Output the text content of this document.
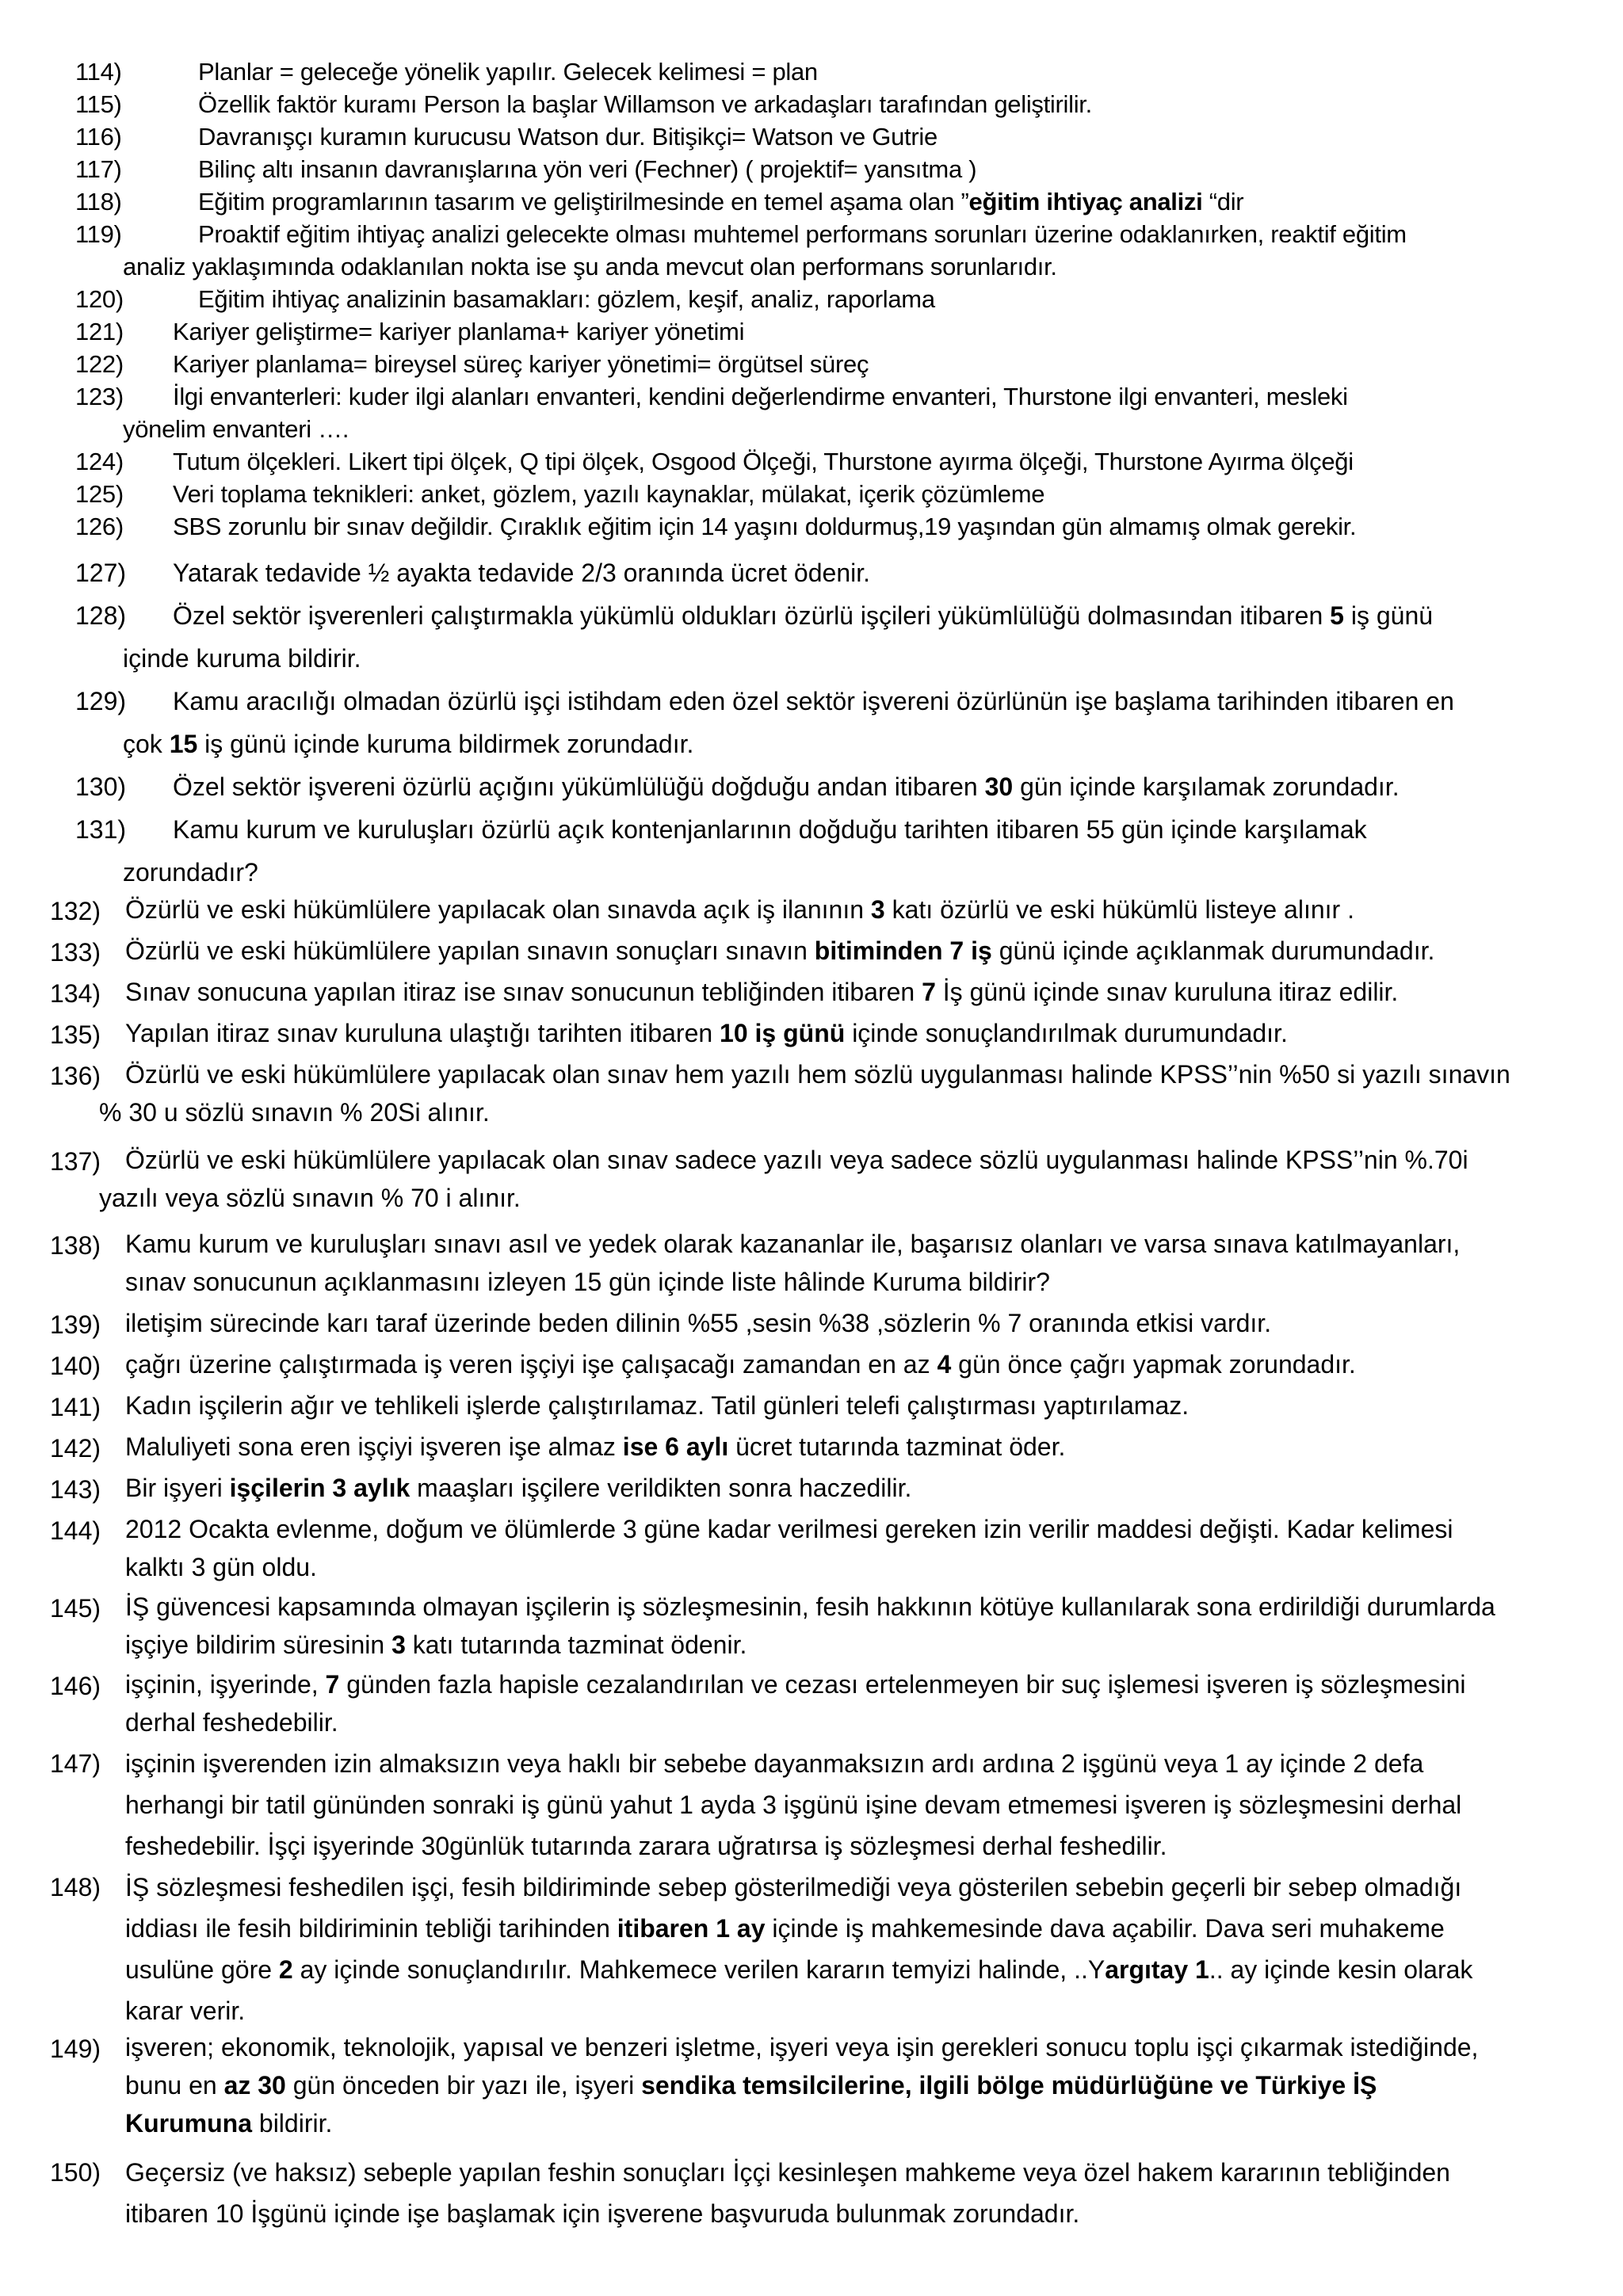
114)	Planlar = geleceğe yönelik yapılır. Gelecek kelimesi = plan
115)	Özellik faktör kuramı Person la başlar Willamson ve arkadaşları tarafından geliştirilir.
116)	Davranışçı kuramın kurucusu Watson dur. Bitişikçi= Watson ve Gutrie
117)	Bilinç altı insanın davranışlarına yön veri (Fechner) ( projektif= yansıtma )
118)	Eğitim programlarının tasarım ve geliştirilmesinde en temel aşama olan ”eğitim ihtiyaç analizi “dir
119)	Proaktif eğitim ihtiyaç analizi gelecekte olması muhtemel performans sorunları üzerine odaklanırken, reaktif eğitim
analiz yaklaşımında odaklanılan nokta ise şu anda mevcut olan performans sorunlarıdır.
120)	Eğitim ihtiyaç analizinin basamakları: gözlem, keşif, analiz, raporlama
121) Kariyer geliştirme= kariyer planlama+ kariyer yönetimi
122) Kariyer planlama= bireysel süreç kariyer yönetimi= örgütsel süreç
123) İlgi envanterleri: kuder ilgi alanları envanteri, kendini değerlendirme envanteri, Thurstone ilgi envanteri, mesleki
yönelim envanteri ….
124) Tutum ölçekleri. Likert tipi ölçek, Q tipi ölçek, Osgood Ölçeği, Thurstone ayırma ölçeği, Thurstone Ayırma ölçeği
125) Veri toplama teknikleri: anket, gözlem, yazılı kaynaklar, mülakat, içerik çözümleme
126) SBS zorunlu bir sınav değildir. Çıraklık eğitim için 14 yaşını doldurmuş,19 yaşından gün almamış olmak gerekir.
127) Yatarak tedavide ½ ayakta tedavide 2/3 oranında ücret ödenir.
128) Özel sektör işverenleri çalıştırmakla yükümlü oldukları özürlü işçileri yükümlülüğü dolmasından itibaren 5 iş günü
içinde kuruma bildirir.
129) Kamu aracılığı olmadan özürlü işçi istihdam eden özel sektör işvereni özürlünün işe başlama tarihinden itibaren en
çok 15 iş günü içinde kuruma bildirmek zorundadır.
130) Özel sektör işvereni özürlü açığını yükümlülüğü doğduğu andan itibaren 30 gün içinde karşılamak zorundadır.
131) Kamu kurum ve kuruluşları özürlü açık kontenjanlarının doğduğu tarihten itibaren 55 gün içinde karşılamak
zorundadır?
132) Özürlü ve eski hükümlülere yapılacak olan sınavda açık iş ilanının 3 katı özürlü ve eski hükümlü listeye alınır .
133) Özürlü ve eski hükümlülere yapılan sınavın sonuçları sınavın bitiminden 7 iş günü içinde açıklanmak durumundadır.
134) Sınav sonucuna yapılan itiraz ise sınav sonucunun tebliğinden itibaren 7 İş günü içinde sınav kuruluna itiraz edilir.
135) Yapılan itiraz sınav kuruluna ulaştığı tarihten itibaren 10 iş günü içinde sonuçlandırılmak durumundadır.
136) Özürlü ve eski hükümlülere yapılacak olan sınav hem yazılı hem sözlü uygulanması halinde KPSS’’nin %50 si yazılı sınavın
% 30 u sözlü sınavın % 20Si alınır.
137) Özürlü ve eski hükümlülere yapılacak olan sınav sadece yazılı veya sadece sözlü uygulanması halinde KPSS’’nin %.70i
yazılı veya sözlü sınavın % 70 i alınır.
138) Kamu kurum ve kuruluşları sınavı asıl ve yedek olarak kazananlar ile, başarısız olanları ve varsa sınava katılmayanları,
sınav sonucunun açıklanmasını izleyen 15 gün içinde liste hâlinde Kuruma bildirir?
139) iletişim sürecinde karı taraf üzerinde beden dilinin %55 ,sesin %38 ,sözlerin % 7 oranında etkisi vardır.
140) çağrı üzerine çalıştırmada iş veren işçiyi işe çalışacağı zamandan en az 4 gün önce çağrı yapmak zorundadır.
141) Kadın işçilerin ağır ve tehlikeli işlerde çalıştırılamaz. Tatil günleri telefi çalıştırması yaptırılamaz.
142) Maluliyeti sona eren işçiyi işveren işe almaz ise 6 aylı ücret tutarında tazminat öder.
143) Bir işyeri işçilerin 3 aylık maaşları işçilere verildikten sonra haczedilir.
144) 2012 Ocakta evlenme, doğum ve ölümlerde 3 güne kadar verilmesi gereken izin verilir maddesi değişti. Kadar kelimesi
kalktı 3 gün oldu.
145) İŞ güvencesi kapsamında olmayan işçilerin iş sözleşmesinin, fesih hakkının kötüye kullanılarak sona erdirildiği durumlarda
işçiye bildirim süresinin 3 katı tutarında tazminat ödenir.
146) işçinin, işyerinde, 7 günden fazla hapisle cezalandırılan ve cezası ertelenmeyen bir suç işlemesi işveren iş sözleşmesini
derhal feshedebilir.
147) işçinin işverenden izin almaksızın veya haklı bir sebebe dayanmaksızın ardı ardına 2 işgünü veya 1 ay içinde 2 defa
herhangi bir tatil gününden sonraki iş günü yahut 1 ayda 3 işgünü işine devam etmemesi işveren iş sözleşmesini derhal
feshedebilir. İşçi işyerinde 30günlük tutarında zarara uğratırsa iş sözleşmesi derhal feshedilir.
148) İŞ sözleşmesi feshedilen işçi, fesih bildiriminde sebep gösterilmediği veya gösterilen sebebin geçerli bir sebep olmadığı
iddiası ile fesih bildiriminin tebliği tarihinden itibaren 1 ay içinde iş mahkemesinde dava açabilir. Dava seri muhakeme
usulüne göre 2 ay içinde sonuçlandırılır. Mahkemece verilen kararın temyizi halinde, ..Yargıtay 1.. ay içinde kesin olarak
karar verir.
149) işveren; ekonomik, teknolojik, yapısal ve benzeri işletme, işyeri veya işin gerekleri sonucu toplu işçi çıkarmak istediğinde,
bunu en az 30 gün önceden bir yazı ile, işyeri sendika temsilcilerine, ilgili bölge müdürlüğüne ve Türkiye İŞ
Kurumuna bildirir.
150) Geçersiz (ve haksız) sebeple yapılan feshin sonuçları İççi kesinleşen mahkeme veya özel hakem kararının tebliğinden
itibaren 10 İşgünü içinde işe başlamak için işverene başvuruda bulunmak zorundadır.
